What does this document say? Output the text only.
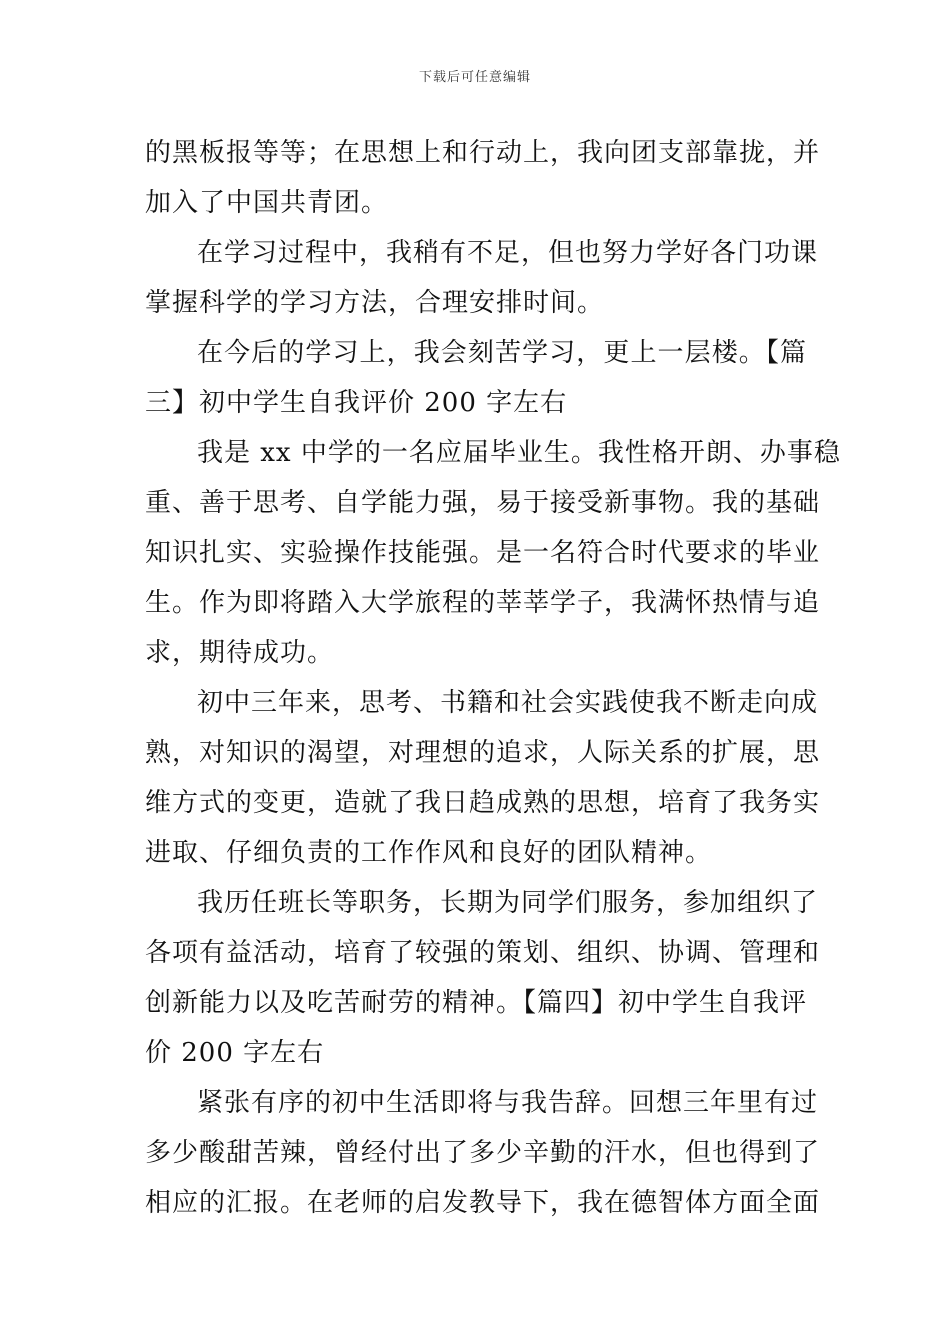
下载后可任意编辑
的黑板报等等；在思想上和行动上，我向团支部靠拢，并
加入了中国共青团。
在学习过程中，我稍有不足，但也努力学好各门功课
掌握科学的学习方法，合理安排时间。
在今后的学习上，我会刻苦学习，更上一层楼。【篇
三】初中学生自我评价 200 字左右
我是 xx 中学的一名应届毕业生。我性格开朗、办事稳
重、善于思考、自学能力强，易于接受新事物。我的基础
知识扎实、实验操作技能强。是一名符合时代要求的毕业
生。作为即将踏入大学旅程的莘莘学子，我满怀热情与追
求，期待成功。
初中三年来，思考、书籍和社会实践使我不断走向成
熟，对知识的渴望，对理想的追求，人际关系的扩展，思
维方式的变更，造就了我日趋成熟的思想，培育了我务实
进取、仔细负责的工作作风和良好的团队精神。
我历任班长等职务，长期为同学们服务，参加组织了
各项有益活动，培育了较强的策划、组织、协调、管理和
创新能力以及吃苦耐劳的精神。【篇四】初中学生自我评
价 200 字左右
紧张有序的初中生活即将与我告辞。回想三年里有过
多少酸甜苦辣，曾经付出了多少辛勤的汗水，但也得到了
相应的汇报。在老师的启发教导下，我在德智体方面全面
